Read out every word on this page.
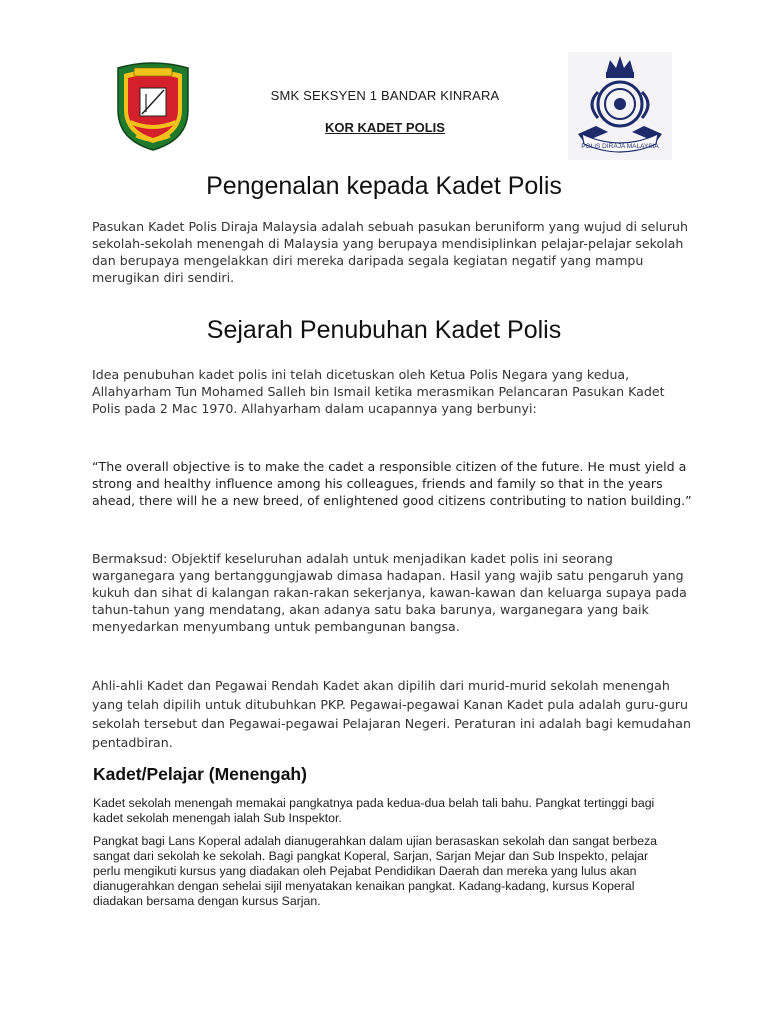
SMK SEKSYEN 1 BANDAR KINRARA
KOR KADET POLIS
POLIS DIRAJA MALAYSIA
Pengenalan kepada Kadet Polis

Pasukan Kadet Polis Diraja Malaysia adalah sebuah pasukan beruniform yang wujud di seluruh sekolah-sekolah menengah di Malaysia yang berupaya mendisiplinkan pelajar-pelajar sekolah dan berupaya mengelakkan diri mereka daripada segala kegiatan negatif yang mampu merugikan diri sendiri.

Sejarah Penubuhan Kadet Polis

Idea penubuhan kadet polis ini telah dicetuskan oleh Ketua Polis Negara yang kedua, Allahyarham Tun Mohamed Salleh bin Ismail ketika merasmikan Pelancaran Pasukan Kadet Polis pada 2 Mac 1970. Allahyarham dalam ucapannya yang berbunyi:

“The overall objective is to make the cadet a responsible citizen of the future. He must yield a strong and healthy influence among his colleagues, friends and family so that in the years ahead, there will he a new breed, of enlightened good citizens contributing to nation building.”

Bermaksud: Objektif keseluruhan adalah untuk menjadikan kadet polis ini seorang warganegara yang bertanggungjawab dimasa hadapan. Hasil yang wajib satu pengaruh yang kukuh dan sihat di kalangan rakan-rakan sekerjanya, kawan-kawan dan keluarga supaya pada tahun-tahun yang mendatang, akan adanya satu baka barunya, warganegara yang baik menyedarkan menyumbang untuk pembangunan bangsa.

Ahli-ahli Kadet dan Pegawai Rendah Kadet akan dipilih dari murid-murid sekolah menengah yang telah dipilih untuk ditubuhkan PKP. Pegawai-pegawai Kanan Kadet pula adalah guru-guru sekolah tersebut dan Pegawai-pegawai Pelajaran Negeri. Peraturan ini adalah bagi kemudahan pentadbiran.

Kadet/Pelajar (Menengah)

Kadet sekolah menengah memakai pangkatnya pada kedua-dua belah tali bahu. Pangkat tertinggi bagi kadet sekolah menengah ialah Sub Inspektor.

Pangkat bagi Lans Koperal adalah dianugerahkan dalam ujian berasaskan sekolah dan sangat berbeza sangat dari sekolah ke sekolah. Bagi pangkat Koperal, Sarjan, Sarjan Mejar dan Sub Inspekto, pelajar perlu mengikuti kursus yang diadakan oleh Pejabat Pendidikan Daerah dan mereka yang lulus akan dianugerahkan dengan sehelai sijil menyatakan kenaikan pangkat. Kadang-kadang, kursus Koperal diadakan bersama dengan kursus Sarjan.
